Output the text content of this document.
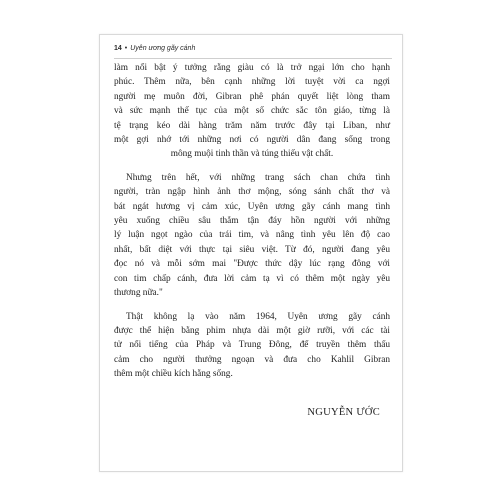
14 • Uyên ương gãy cánh
làm nổi bật ý tưởng rằng giàu có là trở ngại lớn cho hạnh
phúc. Thêm nữa, bên cạnh những lời tuyệt vời ca ngợi
người mẹ muôn đời, Gibran phê phán quyết liệt lòng tham
và sức mạnh thế tục của một số chức sắc tôn giáo, từng là
tệ trạng kéo dài hàng trăm năm trước đây tại Liban, như
một gợi nhớ tới những nơi có người dân đang sống trong
mông muội tinh thần và túng thiếu vật chất.
Nhưng trên hết, với những trang sách chan chứa tình
người, tràn ngập hình ảnh thơ mộng, sóng sánh chất thơ và
bát ngát hương vị cảm xúc, Uyên ương gãy cánh mang tình
yêu xuống chiều sâu thẳm tận đáy hồn người với những
lý luận ngọt ngào của trái tim, và nâng tình yêu lên độ cao
nhất, bất diệt với thực tại siêu việt. Từ đó, người đang yêu
đọc nó và mỗi sớm mai "Được thức dậy lúc rạng đông với
con tim chấp cánh, đưa lời cảm tạ vì có thêm một ngày yêu
thương nữa."
Thật không lạ vào năm 1964, Uyên ương gãy cánh
được thể hiện bằng phim nhựa dài một giờ rưỡi, với các tài
tử nổi tiếng của Pháp và Trung Đông, để truyền thêm thấu
cảm cho người thưởng ngoạn và đưa cho Kahlil Gibran
thêm một chiều kích hằng sống.
NGUYỄN ƯỚC
